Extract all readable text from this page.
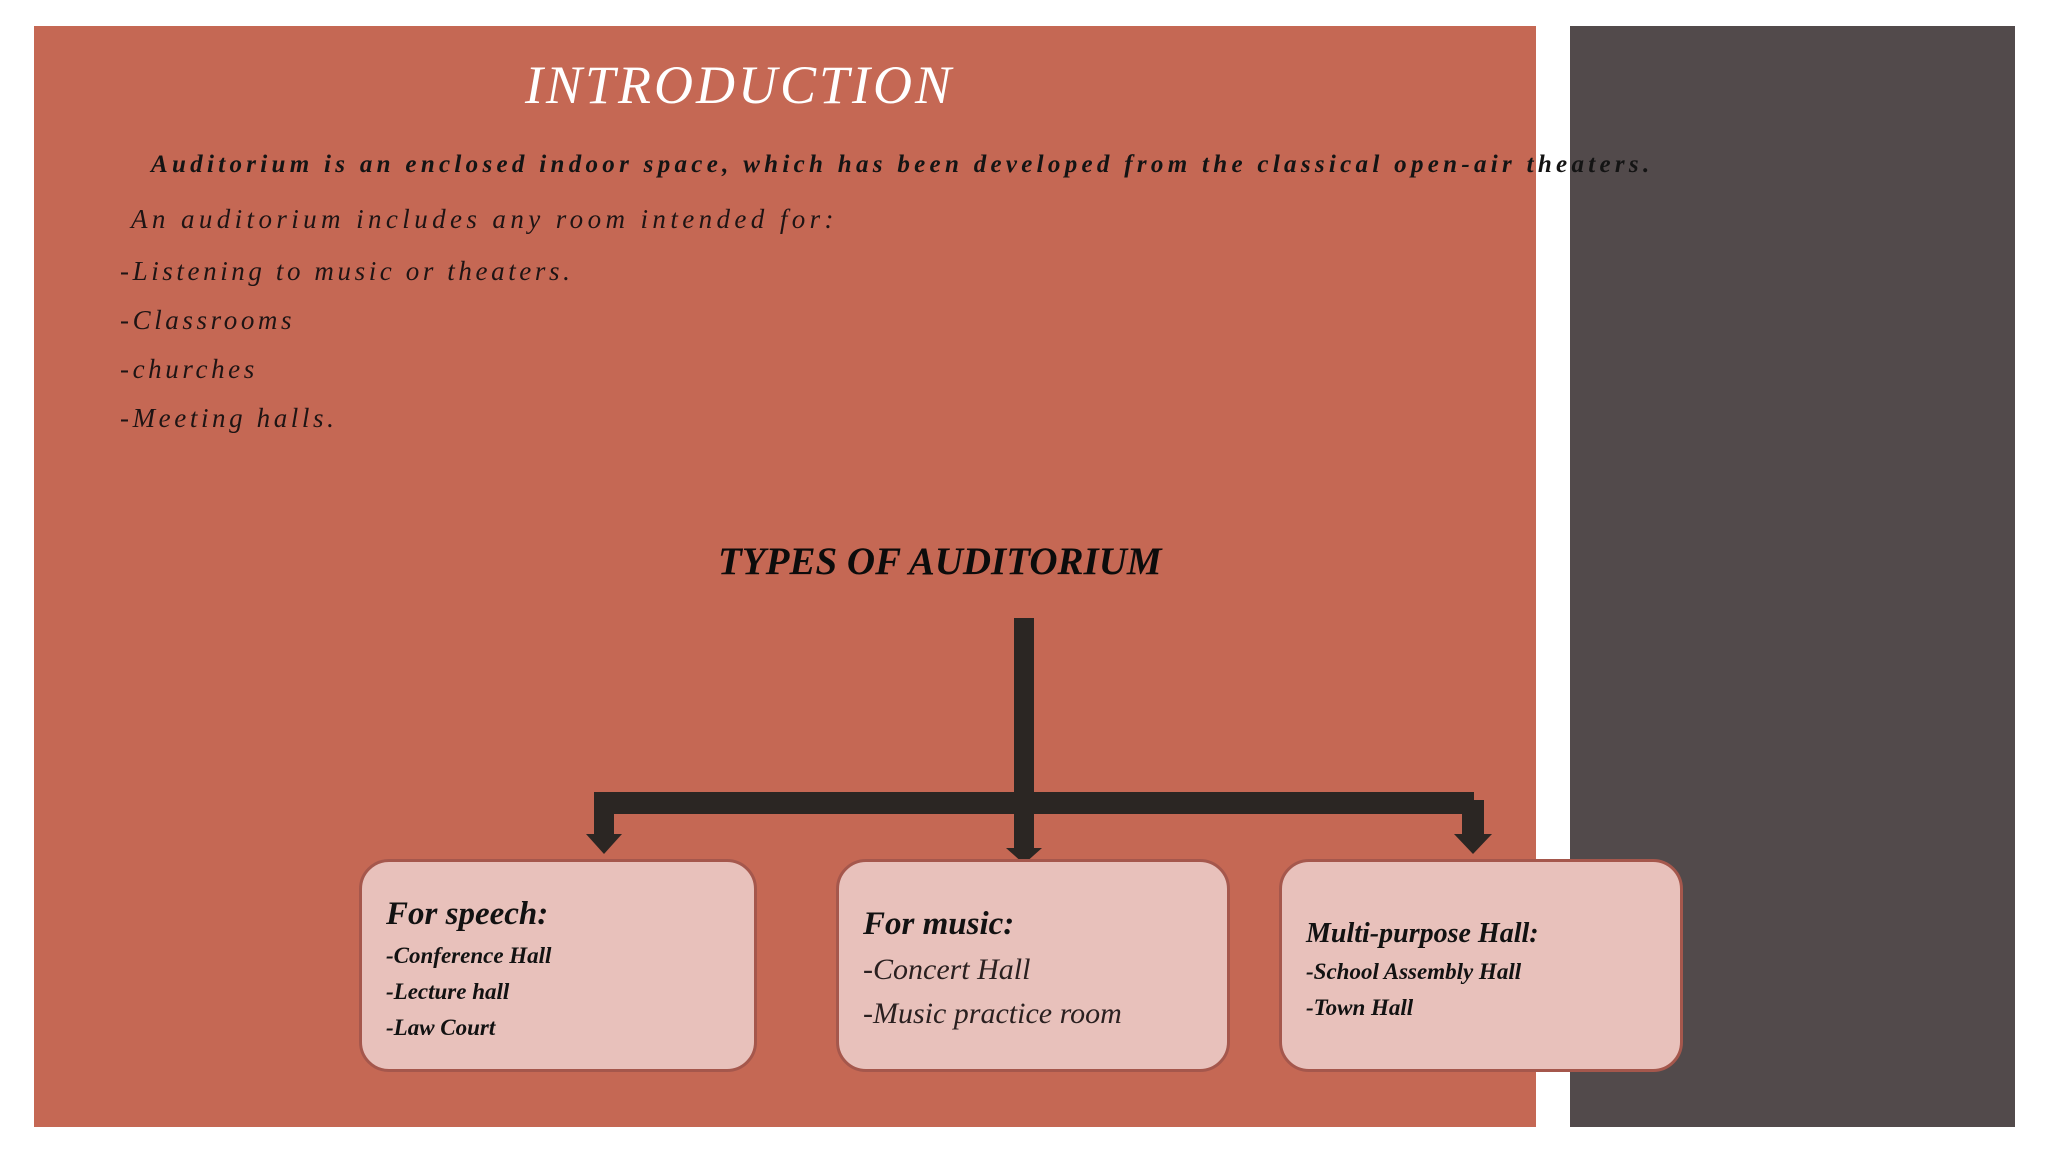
INTRODUCTION
Auditorium is an enclosed indoor space, which has been developed from the classical open-air theaters.
An auditorium includes any room intended for:
-Listening to music or theaters.
-Classrooms
-churches
-Meeting halls.
TYPES OF AUDITORIUM
For speech:
-Conference Hall
-Lecture hall
-Law Court
For music:
-Concert Hall
-Music practice room
Multi-purpose Hall:
-School Assembly Hall
-Town Hall
